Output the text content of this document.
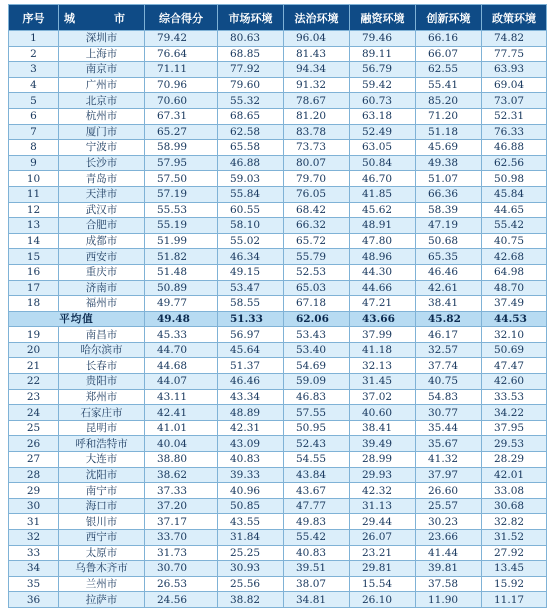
序号	城　市	综合得分	市场环境	法治环境	融资环境	创新环境	政策环境
1	深圳市	79.42	80.63	96.04	79.46	66.16	74.82
2	上海市	76.64	68.85	81.43	89.11	66.07	77.75
3	南京市	71.11	77.92	94.34	56.79	62.55	63.93
4	广州市	70.96	79.60	91.32	59.42	55.41	69.04
5	北京市	70.60	55.32	78.67	60.73	85.20	73.07
6	杭州市	67.31	68.65	81.20	63.18	71.20	52.31
7	厦门市	65.27	62.58	83.78	52.49	51.18	76.33
8	宁波市	58.99	65.58	73.73	63.05	45.69	46.88
9	长沙市	57.95	46.88	80.07	50.84	49.38	62.56
10	青岛市	57.50	59.03	79.70	46.70	51.07	50.98
11	天津市	57.19	55.84	76.05	41.85	66.36	45.84
12	武汉市	55.53	60.55	68.42	45.62	58.39	44.65
13	合肥市	55.19	58.10	66.32	48.91	47.19	55.42
14	成都市	51.99	55.02	65.72	47.80	50.68	40.75
15	西安市	51.82	46.34	55.79	48.96	65.35	42.68
16	重庆市	51.48	49.15	52.53	44.30	46.46	64.98
17	济南市	50.89	53.47	65.03	44.66	42.61	48.70
18	福州市	49.77	58.55	67.18	47.21	38.41	37.49
平均值		49.48	51.33	62.06	43.66	45.82	44.53
19	南昌市	45.33	56.97	53.43	37.99	46.17	32.10
20	哈尔滨市	44.70	45.64	53.40	41.18	32.57	50.69
21	长春市	44.68	51.37	54.69	32.13	37.74	47.47
22	贵阳市	44.07	46.46	59.09	31.45	40.75	42.60
23	郑州市	43.11	43.34	46.83	37.02	54.83	33.53
24	石家庄市	42.41	48.89	57.55	40.60	30.77	34.22
25	昆明市	41.01	42.31	50.95	38.41	35.44	37.95
26	呼和浩特市	40.04	43.09	52.43	39.49	35.67	29.53
27	大连市	38.80	40.83	54.55	28.99	41.32	28.29
28	沈阳市	38.62	39.33	43.84	29.93	37.97	42.01
29	南宁市	37.33	40.96	43.67	42.32	26.60	33.08
30	海口市	37.20	50.85	47.77	31.13	25.57	30.68
31	银川市	37.17	43.55	49.83	29.44	30.23	32.82
32	西宁市	33.70	31.84	55.42	26.07	23.66	31.52
33	太原市	31.73	25.25	40.83	23.21	41.44	27.92
34	乌鲁木齐市	30.70	30.93	39.51	29.81	39.81	13.45
35	兰州市	26.53	25.56	38.07	15.54	37.58	15.92
36	拉萨市	24.56	38.82	34.81	26.10	11.90	11.17
